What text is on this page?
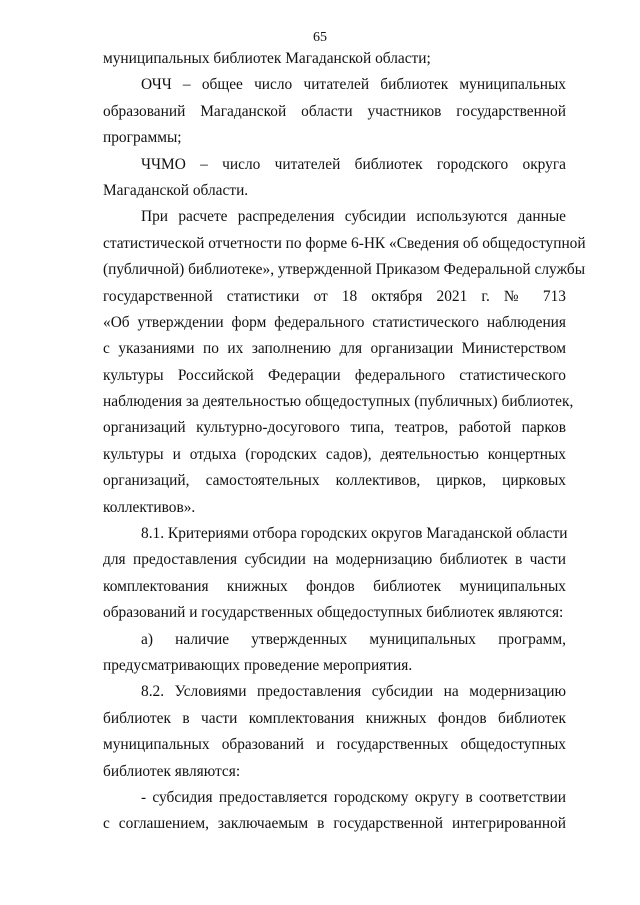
65
муниципальных библиотек Магаданской области;
ОЧЧ – общее число читателей библиотек муниципальных
образований Магаданской области участников государственной
программы;
ЧЧМО – число читателей библиотек городского округа
Магаданской области.
При расчете распределения субсидии используются данные
статистической отчетности по форме 6-НК «Сведения об общедоступной
(публичной) библиотеке», утвержденной Приказом Федеральной службы
государственной статистики от 18 октября 2021 г. № 713
«Об утверждении форм федерального статистического наблюдения
с указаниями по их заполнению для организации Министерством
культуры Российской Федерации федерального статистического
наблюдения за деятельностью общедоступных (публичных) библиотек,
организаций культурно-досугового типа, театров, работой парков
культуры и отдыха (городских садов), деятельностью концертных
организаций, самостоятельных коллективов, цирков, цирковых
коллективов».
8.1. Критериями отбора городских округов Магаданской области
для предоставления субсидии на модернизацию библиотек в части
комплектования книжных фондов библиотек муниципальных
образований и государственных общедоступных библиотек являются:
а) наличие утвержденных муниципальных программ,
предусматривающих проведение мероприятия.
8.2. Условиями предоставления субсидии на модернизацию
библиотек в части комплектования книжных фондов библиотек
муниципальных образований и государственных общедоступных
библиотек являются:
- субсидия предоставляется городскому округу в соответствии
с соглашением, заключаемым в государственной интегрированной
